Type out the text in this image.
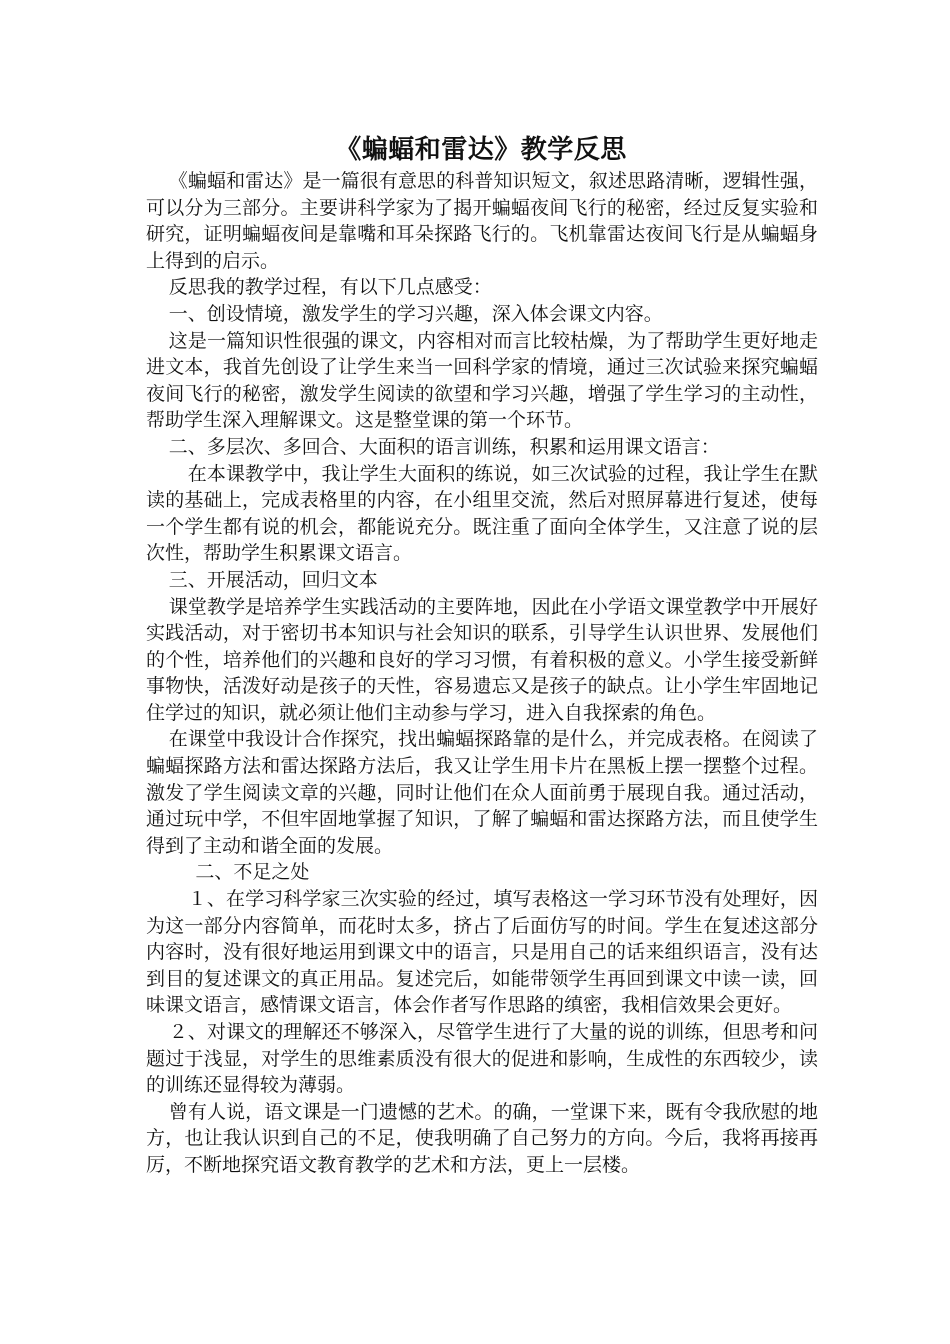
《蝙蝠和雷达》教学反思

《蝙蝠和雷达》是一篇很有意思的科普知识短文，叙述思路清晰，逻辑性强，可以分为三部分。主要讲科学家为了揭开蝙蝠夜间飞行的秘密，经过反复实验和研究，证明蝙蝠夜间是靠嘴和耳朵探路飞行的。飞机靠雷达夜间飞行是从蝙蝠身上得到的启示。

反思我的教学过程，有以下几点感受：

一、创设情境，激发学生的学习兴趣，深入体会课文内容。

这是一篇知识性很强的课文，内容相对而言比较枯燥，为了帮助学生更好地走进文本，我首先创设了让学生来当一回科学家的情境，通过三次试验来探究蝙蝠夜间飞行的秘密，激发学生阅读的欲望和学习兴趣，增强了学生学习的主动性，帮助学生深入理解课文。这是整堂课的第一个环节。

二、多层次、多回合、大面积的语言训练，积累和运用课文语言：

在本课教学中，我让学生大面积的练说，如三次试验的过程，我让学生在默读的基础上，完成表格里的内容，在小组里交流，然后对照屏幕进行复述，使每一个学生都有说的机会，都能说充分。既注重了面向全体学生，又注意了说的层次性，帮助学生积累课文语言。

三、开展活动，回归文本

课堂教学是培养学生实践活动的主要阵地，因此在小学语文课堂教学中开展好实践活动，对于密切书本知识与社会知识的联系，引导学生认识世界、发展他们的个性，培养他们的兴趣和良好的学习习惯，有着积极的意义。小学生接受新鲜事物快，活泼好动是孩子的天性，容易遗忘又是孩子的缺点。让小学生牢固地记住学过的知识，就必须让他们主动参与学习，进入自我探索的角色。

在课堂中我设计合作探究，找出蝙蝠探路靠的是什么，并完成表格。在阅读了蝙蝠探路方法和雷达探路方法后，我又让学生用卡片在黑板上摆一摆整个过程。激发了学生阅读文章的兴趣，同时让他们在众人面前勇于展现自我。通过活动，通过玩中学，不但牢固地掌握了知识，了解了蝙蝠和雷达探路方法，而且使学生得到了主动和谐全面的发展。

二、不足之处

１、在学习科学家三次实验的经过，填写表格这一学习环节没有处理好，因为这一部分内容简单，而花时太多，挤占了后面仿写的时间。学生在复述这部分内容时，没有很好地运用到课文中的语言，只是用自己的话来组织语言，没有达到目的复述课文的真正用品。复述完后，如能带领学生再回到课文中读一读，回味课文语言，感情课文语言，体会作者写作思路的缜密，我相信效果会更好。

２、对课文的理解还不够深入，尽管学生进行了大量的说的训练，但思考和问题过于浅显，对学生的思维素质没有很大的促进和影响，生成性的东西较少，读的训练还显得较为薄弱。

曾有人说，语文课是一门遗憾的艺术。的确，一堂课下来，既有令我欣慰的地方，也让我认识到自己的不足，使我明确了自己努力的方向。今后，我将再接再厉，不断地探究语文教育教学的艺术和方法，更上一层楼。
